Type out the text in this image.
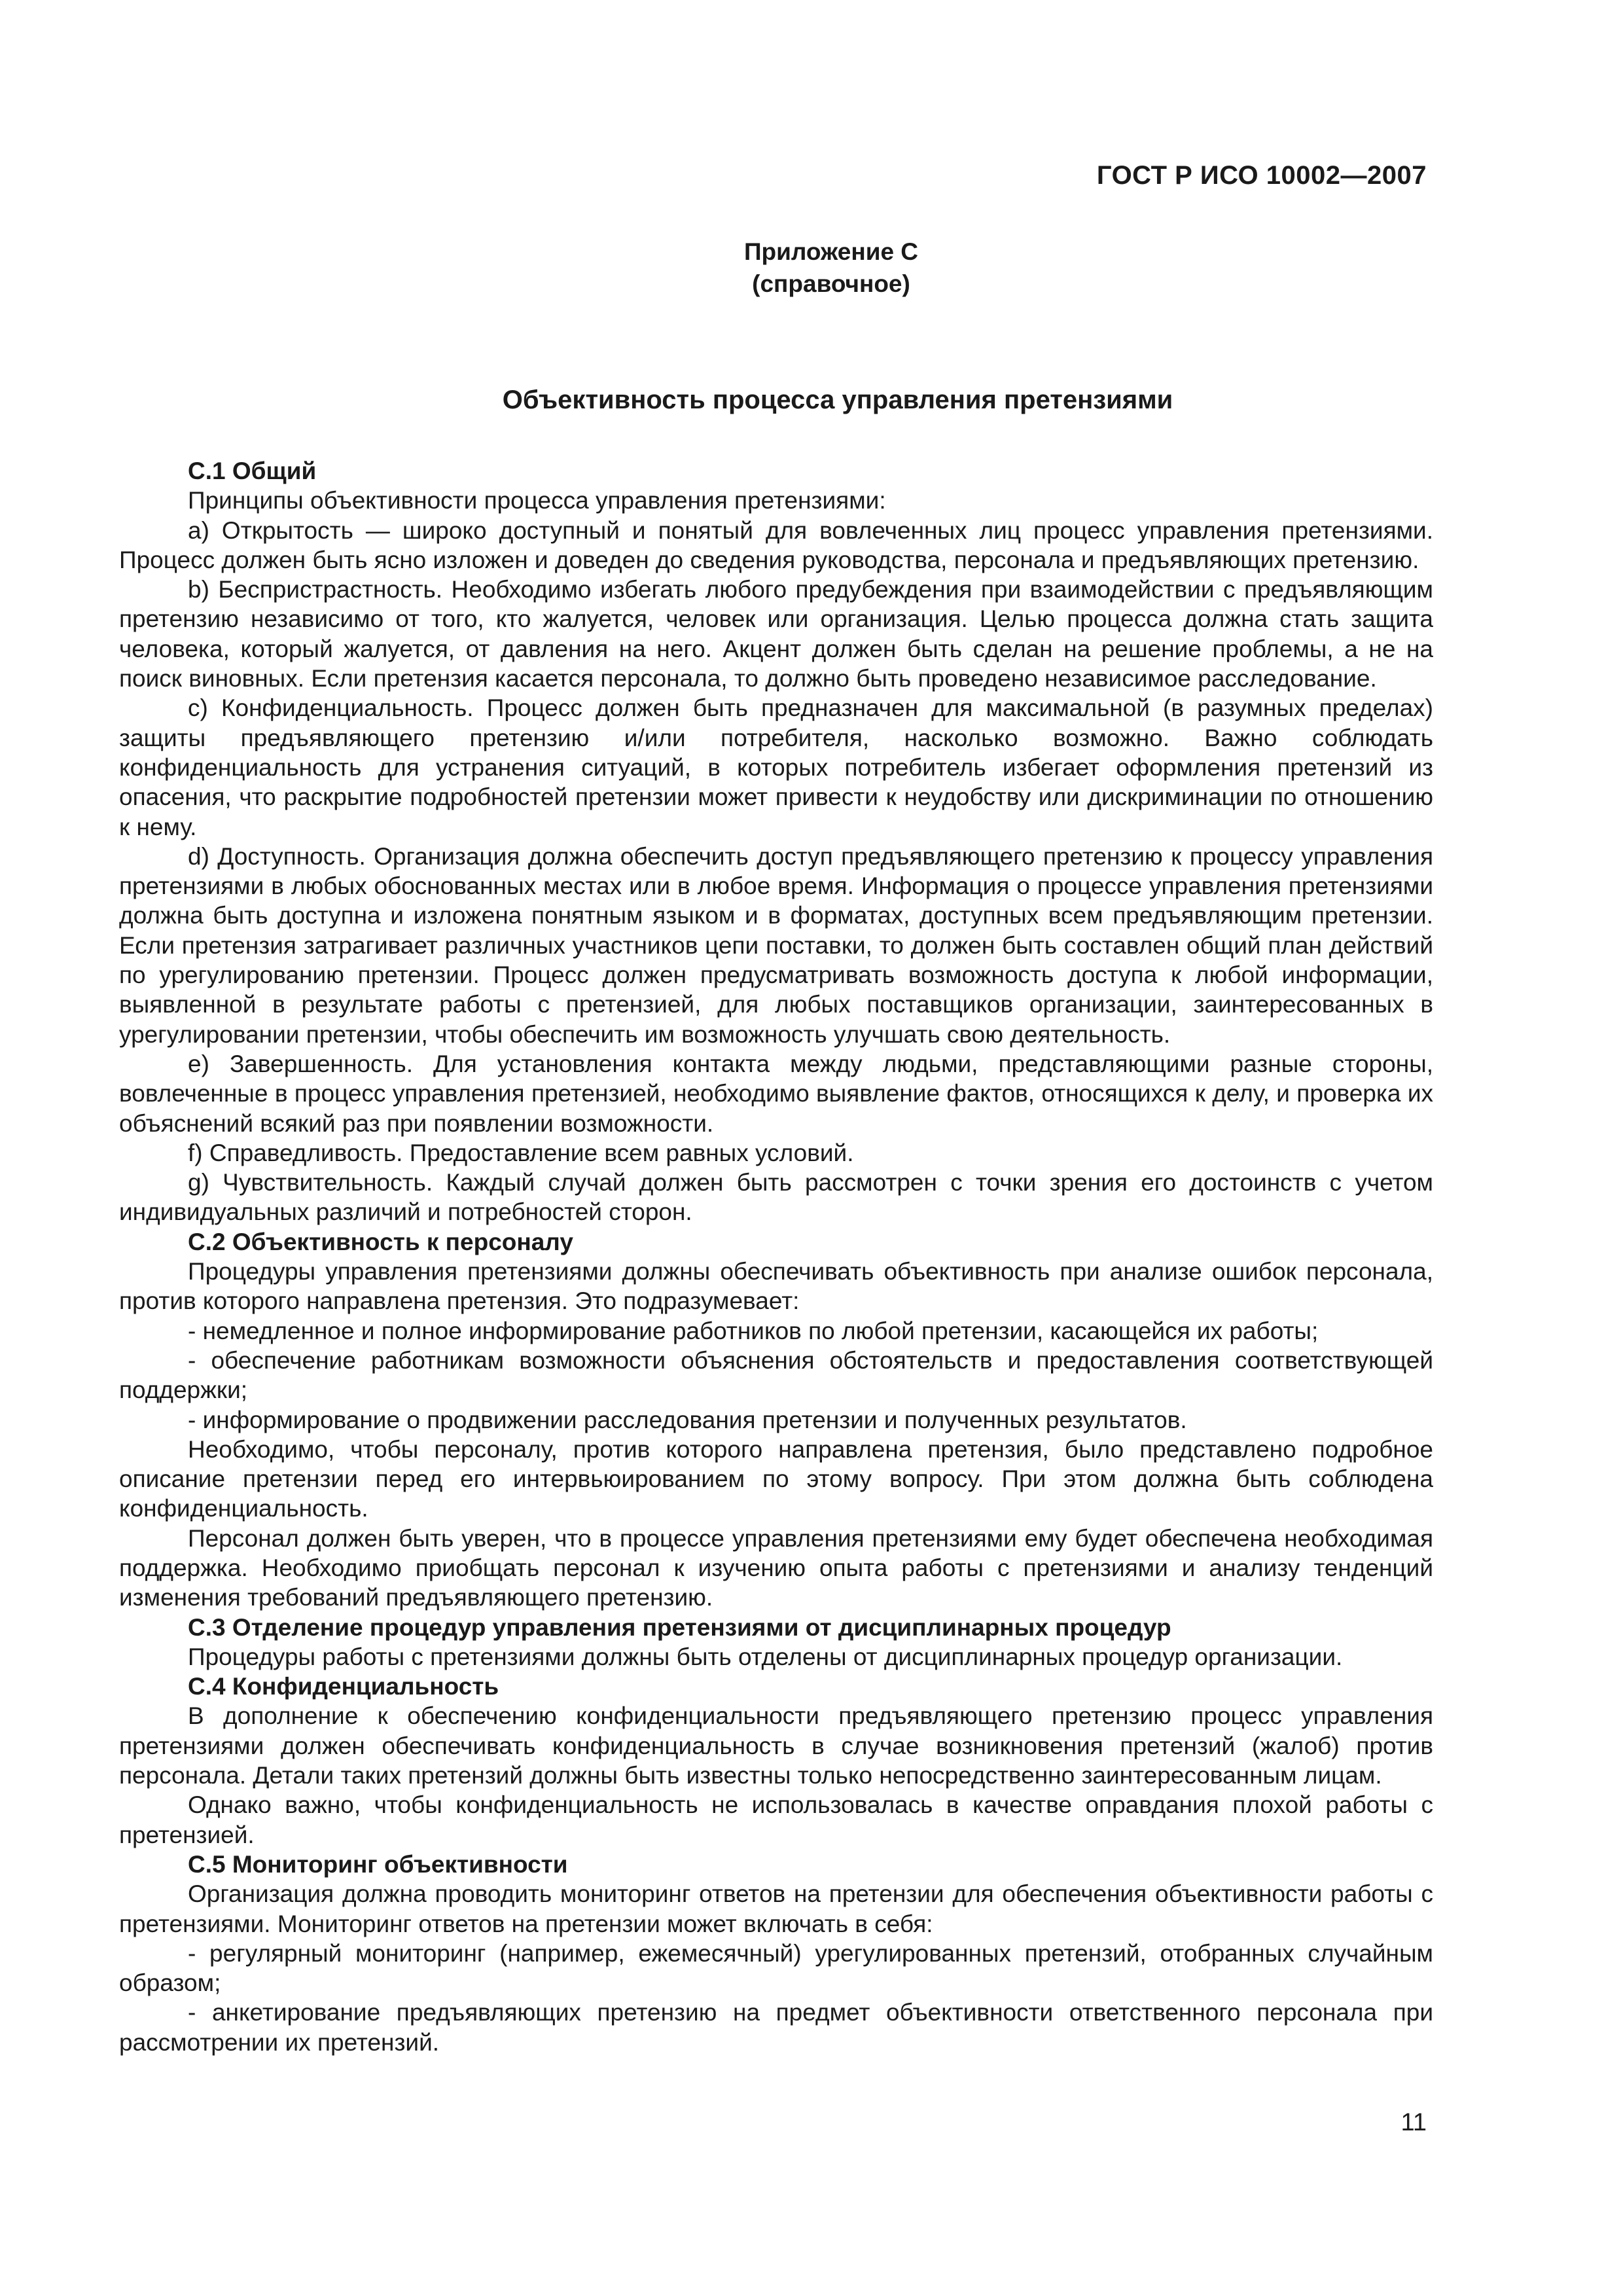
ГОСТ Р ИСО 10002—2007
Приложение С
(справочное)
Объективность процесса управления претензиями

С.1 Общий

Принципы объективности процесса управления претензиями:

a) Открытость — широко доступный и понятый для вовлеченных лиц процесс управления претензиями. Процесс должен быть ясно изложен и доведен до сведения руководства, персонала и предъявляющих претензию.

b) Беспристрастность. Необходимо избегать любого предубеждения при взаимодействии с предъявляющим претензию независимо от того, кто жалуется, человек или организация. Целью процесса должна стать защита человека, который жалуется, от давления на него. Акцент должен быть сделан на решение проблемы, а не на поиск виновных. Если претензия касается персонала, то должно быть проведено независимое расследование.

c) Конфиденциальность. Процесс должен быть предназначен для максимальной (в разумных пределах) защиты предъявляющего претензию и/или потребителя, насколько возможно. Важно соблюдать конфиденциальность для устранения ситуаций, в которых потребитель избегает оформления претензий из опасения, что раскрытие подробностей претензии может привести к неудобству или дискриминации по отношению к нему.

d) Доступность. Организация должна обеспечить доступ предъявляющего претензию к процессу управления претензиями в любых обоснованных местах или в любое время. Информация о процессе управления претензиями должна быть доступна и изложена понятным языком и в форматах, доступных всем предъявляющим претензии. Если претензия затрагивает различных участников цепи поставки, то должен быть составлен общий план действий по урегулированию претензии. Процесс должен предусматривать возможность доступа к любой информации, выявленной в результате работы с претензией, для любых поставщиков организации, заинтересованных в урегулировании претензии, чтобы обеспечить им возможность улучшать свою деятельность.

e) Завершенность. Для установления контакта между людьми, представляющими разные стороны, вовлеченные в процесс управления претензией, необходимо выявление фактов, относящихся к делу, и проверка их объяснений всякий раз при появлении возможности.

f) Справедливость. Предоставление всем равных условий.

g) Чувствительность. Каждый случай должен быть рассмотрен с точки зрения его достоинств с учетом индивидуальных различий и потребностей сторон.

С.2 Объективность к персоналу

Процедуры управления претензиями должны обеспечивать объективность при анализе ошибок персонала, против которого направлена претензия. Это подразумевает:

- немедленное и полное информирование работников по любой претензии, касающейся их работы;

- обеспечение работникам возможности объяснения обстоятельств и предоставления соответствующей поддержки;

- информирование о продвижении расследования претензии и полученных результатов.

Необходимо, чтобы персоналу, против которого направлена претензия, было представлено подробное описание претензии перед его интервьюированием по этому вопросу. При этом должна быть соблюдена конфиденциальность.

Персонал должен быть уверен, что в процессе управления претензиями ему будет обеспечена необходимая поддержка. Необходимо приобщать персонал к изучению опыта работы с претензиями и анализу тенденций изменения требований предъявляющего претензию.

С.3 Отделение процедур управления претензиями от дисциплинарных процедур

Процедуры работы с претензиями должны быть отделены от дисциплинарных процедур организации.

С.4 Конфиденциальность

В дополнение к обеспечению конфиденциальности предъявляющего претензию процесс управления претензиями должен обеспечивать конфиденциальность в случае возникновения претензий (жалоб) против персонала. Детали таких претензий должны быть известны только непосредственно заинтересованным лицам.

Однако важно, чтобы конфиденциальность не использовалась в качестве оправдания плохой работы с претензией.

С.5 Мониторинг объективности

Организация должна проводить мониторинг ответов на претензии для обеспечения объективности работы с претензиями. Мониторинг ответов на претензии может включать в себя:

- регулярный мониторинг (например, ежемесячный) урегулированных претензий, отобранных случайным образом;

- анкетирование предъявляющих претензию на предмет объективности ответственного персонала при рассмотрении их претензий.

11
